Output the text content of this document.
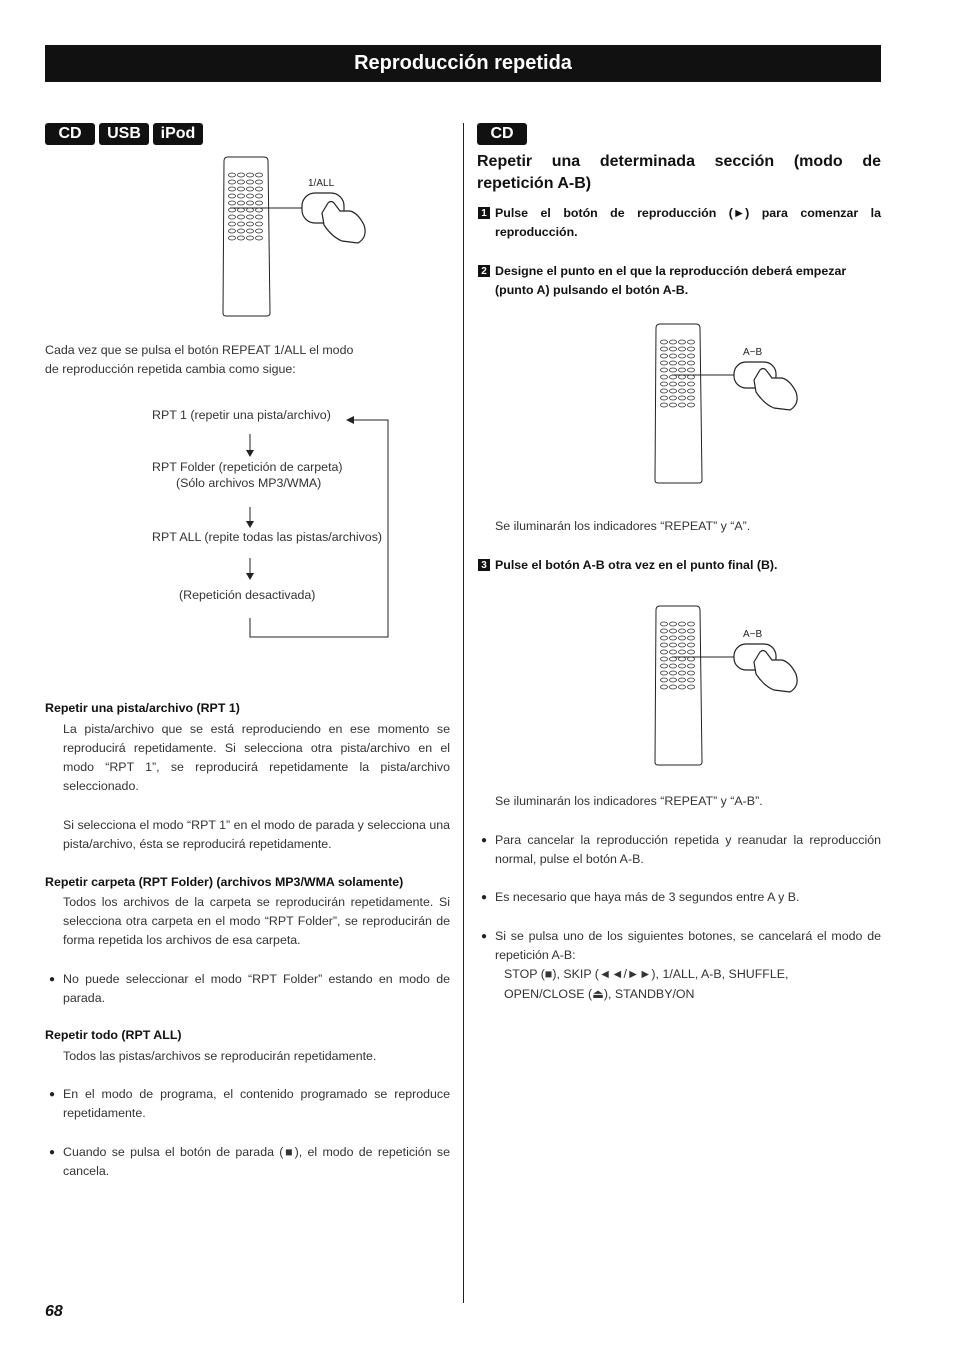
Reproducción repetida
CD	USB	iPod
1/ALL
Cada vez que se pulsa el botón REPEAT 1/ALL el modo de reproducción repetida cambia como sigue:
RPT 1 (repetir una pista/archivo)
RPT Folder (repetición de carpeta)
(Sólo archivos MP3/WMA)
RPT ALL (repite todas las pistas/archivos)
(Repetición desactivada)
Repetir una pista/archivo (RPT 1)
La pista/archivo que se está reproduciendo en ese momento se reproducirá repetidamente. Si selecciona otra pista/archivo en el modo “RPT 1”, se reproducirá repetidamente la pista/archivo seleccionado.
Si selecciona el modo “RPT 1” en el modo de parada y selecciona una pista/archivo, ésta se reproducirá repetidamente.
Repetir carpeta (RPT Folder) (archivos MP3/WMA solamente)
Todos los archivos de la carpeta se reproducirán repetidamente. Si selecciona otra carpeta en el modo “RPT Folder”, se reproducirán de forma repetida los archivos de esa carpeta.
● No puede seleccionar el modo “RPT Folder” estando en modo de parada.
Repetir todo (RPT ALL)
Todos las pistas/archivos se reproducirán repetidamente.
● En el modo de programa, el contenido programado se reproduce repetidamente.
● Cuando se pulsa el botón de parada (■), el modo de repetición se cancela.
CD
Repetir una determinada sección (modo de repetición A-B)
1 Pulse el botón de reproducción (►) para comenzar la reproducción.
2 Designe el punto en el que la reproducción deberá empezar (punto A) pulsando el botón A-B.
A−B
Se iluminarán los indicadores “REPEAT” y “A”.
3 Pulse el botón A-B otra vez en el punto final (B).
A−B
Se iluminarán los indicadores “REPEAT” y “A-B”.
● Para cancelar la reproducción repetida y reanudar la reproducción normal, pulse el botón A-B.
● Es necesario que haya más de 3 segundos entre A y B.
● Si se pulsa uno de los siguientes botones, se cancelará el modo de repetición A-B:
STOP (■), SKIP (◄◄/►►), 1/ALL, A-B, SHUFFLE,
OPEN/CLOSE (⏏), STANDBY/ON
68
